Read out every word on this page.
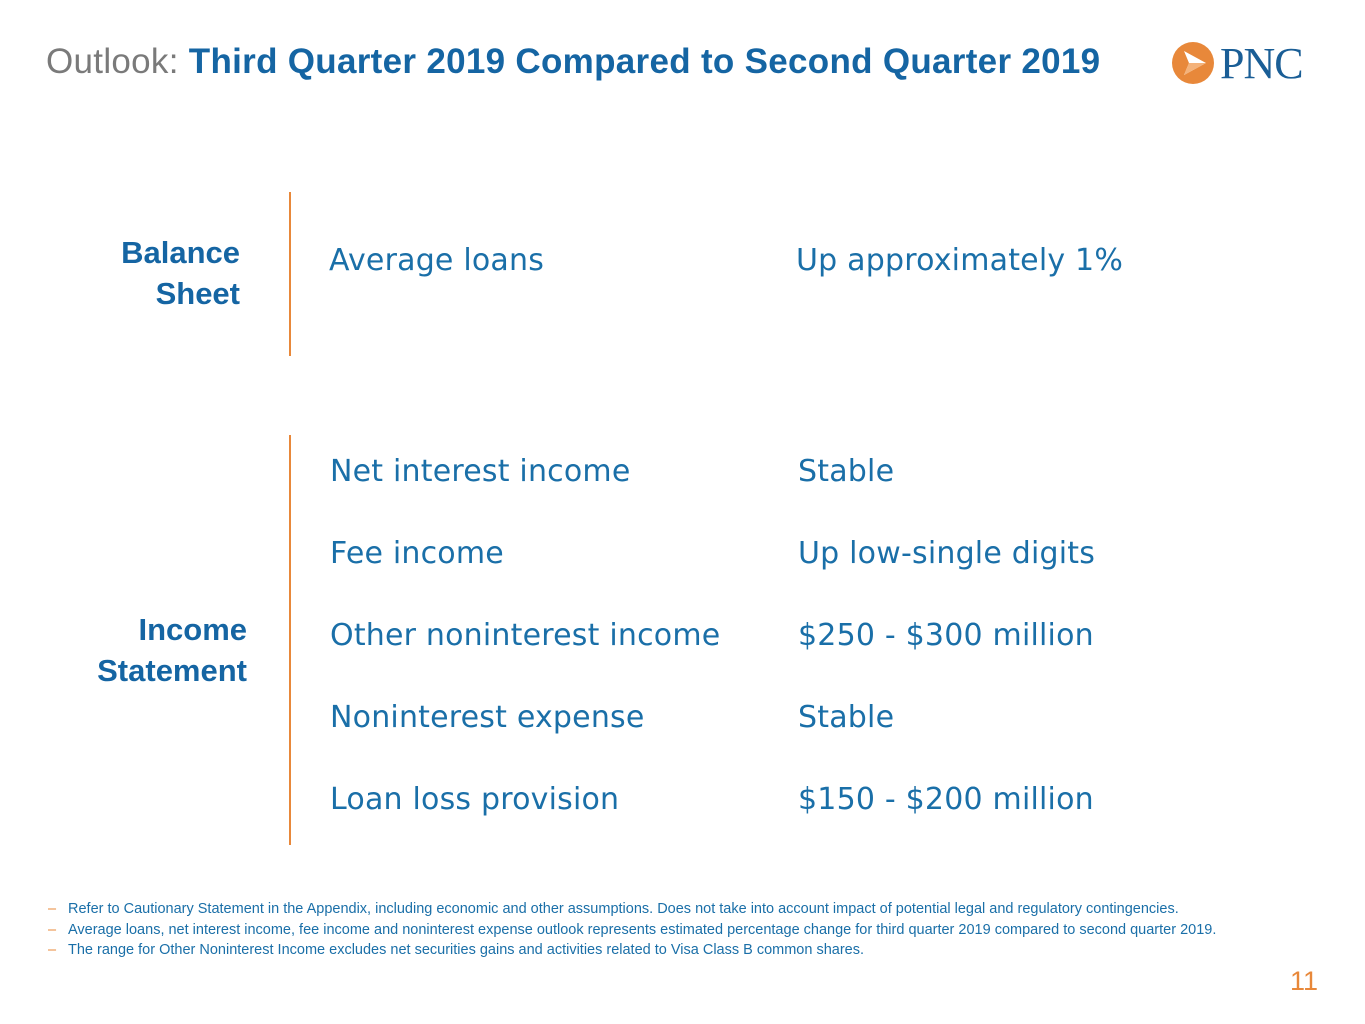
Outlook: Third Quarter 2019 Compared to Second Quarter 2019	PNC
Balance
Sheet
Average loans	Up approximately 1%
Income
Statement
Net interest income	Stable
Fee income	Up low-single digits
Other noninterest income	$250 - $300 million
Noninterest expense	Stable
Loan loss provision	$150 - $200 million
– Refer to Cautionary Statement in the Appendix, including economic and other assumptions. Does not take into account impact of potential legal and regulatory contingencies.
– Average loans, net interest income, fee income and noninterest expense outlook represents estimated percentage change for third quarter 2019 compared to second quarter 2019.
– The range for Other Noninterest Income excludes net securities gains and activities related to Visa Class B common shares.
11
